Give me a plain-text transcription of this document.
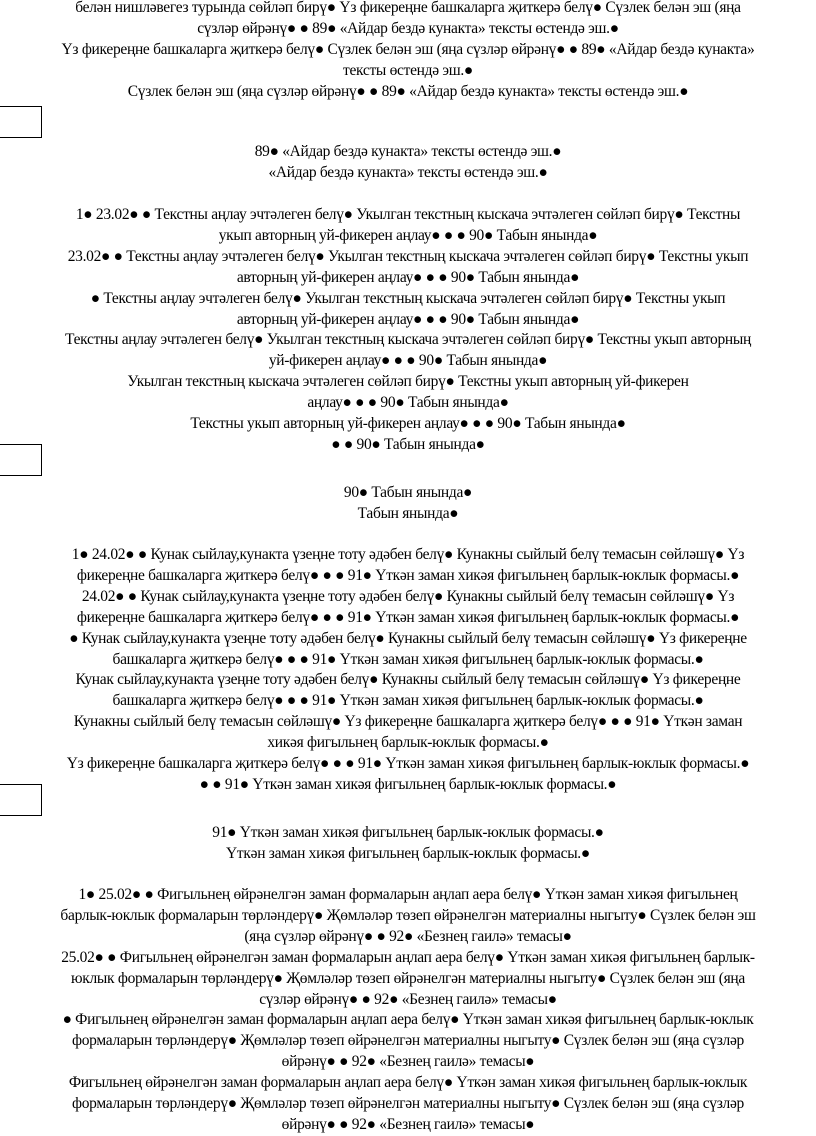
белән нишләвегез турында сөйләп бирү● Үз фикереңне башкаларга җиткерә белү● Сүзлек белән эш (яңа
сүзләр өйрәнү● ● 89● «Айдар бездә кунакта» тексты өстендә эш.●
Үз фикереңне башкаларга җиткерә белү● Сүзлек белән эш (яңа сүзләр өйрәнү● ● 89● «Айдар бездә кунакта»
тексты өстендә эш.●
Сүзлек белән эш (яңа сүзләр өйрәнү● ● 89● «Айдар бездә кунакта» тексты өстендә эш.●
89● «Айдар бездә кунакта» тексты өстендә эш.●
«Айдар бездә кунакта» тексты өстендә эш.●
1● 23.02● ● Текстны аңлау эчтәлеген белү● Укылган текстның кыскача эчтәлеген сөйләп бирү● Текстны
укып авторның уй-фикерен аңлау● ● ● 90● Табын янында●
23.02● ● Текстны аңлау эчтәлеген белү● Укылган текстның кыскача эчтәлеген сөйләп бирү● Текстны укып
авторның уй-фикерен аңлау● ● ● 90● Табын янында●
● Текстны аңлау эчтәлеген белү● Укылган текстның кыскача эчтәлеген сөйләп бирү● Текстны укып
авторның уй-фикерен аңлау● ● ● 90● Табын янында●
Текстны аңлау эчтәлеген белү● Укылган текстның кыскача эчтәлеген сөйләп бирү● Текстны укып авторның
уй-фикерен аңлау● ● ● 90● Табын янында●
Укылган текстның кыскача эчтәлеген сөйләп бирү● Текстны укып авторның уй-фикерен
аңлау● ● ● 90● Табын янында●
Текстны укып авторның уй-фикерен аңлау● ● ● 90● Табын янында●
● ● 90● Табын янында●
90● Табын янында●
Табын янында●
1● 24.02● ● Кунак сыйлау,кунакта үзеңне тоту әдәбен белү● Кунакны сыйлый белү темасын сөйләшү● Үз
фикереңне башкаларга җиткерә белү● ● ● 91● Үткән заман хикәя фигыльнең барлык-юклык формасы.●
24.02● ● Кунак сыйлау,кунакта үзеңне тоту әдәбен белү● Кунакны сыйлый белү темасын сөйләшү● Үз
фикереңне башкаларга җиткерә белү● ● ● 91● Үткән заман хикәя фигыльнең барлык-юклык формасы.●
● Кунак сыйлау,кунакта үзеңне тоту әдәбен белү● Кунакны сыйлый белү темасын сөйләшү● Үз фикереңне
башкаларга җиткерә белү● ● ● 91● Үткән заман хикәя фигыльнең барлык-юклык формасы.●
Кунак сыйлау,кунакта үзеңне тоту әдәбен белү● Кунакны сыйлый белү темасын сөйләшү● Үз фикереңне
башкаларга җиткерә белү● ● ● 91● Үткән заман хикәя фигыльнең барлык-юклык формасы.●
Кунакны сыйлый белү темасын сөйләшү● Үз фикереңне башкаларга җиткерә белү● ● ● 91● Үткән заман
хикәя фигыльнең барлык-юклык формасы.●
Үз фикереңне башкаларга җиткерә белү● ● ● 91● Үткән заман хикәя фигыльнең барлык-юклык формасы.●
● ● 91● Үткән заман хикәя фигыльнең барлык-юклык формасы.●
91● Үткән заман хикәя фигыльнең барлык-юклык формасы.●
Үткән заман хикәя фигыльнең барлык-юклык формасы.●
1● 25.02● ● Фигыльнең өйрәнелгән заман формаларын аңлап аера белү● Үткән заман хикәя фигыльнең
барлык-юклык формаларын төрләндерү● Җөмләләр төзеп өйрәнелгән материалны ныгыту● Сүзлек белән эш
(яңа сүзләр өйрәнү● ● 92● «Безнең гаилә» темасы●
25.02● ● Фигыльнең өйрәнелгән заман формаларын аңлап аера белү● Үткән заман хикәя фигыльнең барлык-
юклык формаларын төрләндерү● Җөмләләр төзеп өйрәнелгән материалны ныгыту● Сүзлек белән эш (яңа
сүзләр өйрәнү● ● 92● «Безнең гаилә» темасы●
● Фигыльнең өйрәнелгән заман формаларын аңлап аера белү● Үткән заман хикәя фигыльнең барлык-юклык
формаларын төрләндерү● Җөмләләр төзеп өйрәнелгән материалны ныгыту● Сүзлек белән эш (яңа сүзләр
өйрәнү● ● 92● «Безнең гаилә» темасы●
Фигыльнең өйрәнелгән заман формаларын аңлап аера белү● Үткән заман хикәя фигыльнең барлык-юклык
формаларын төрләндерү● Җөмләләр төзеп өйрәнелгән материалны ныгыту● Сүзлек белән эш (яңа сүзләр
өйрәнү● ● 92● «Безнең гаилә» темасы●
